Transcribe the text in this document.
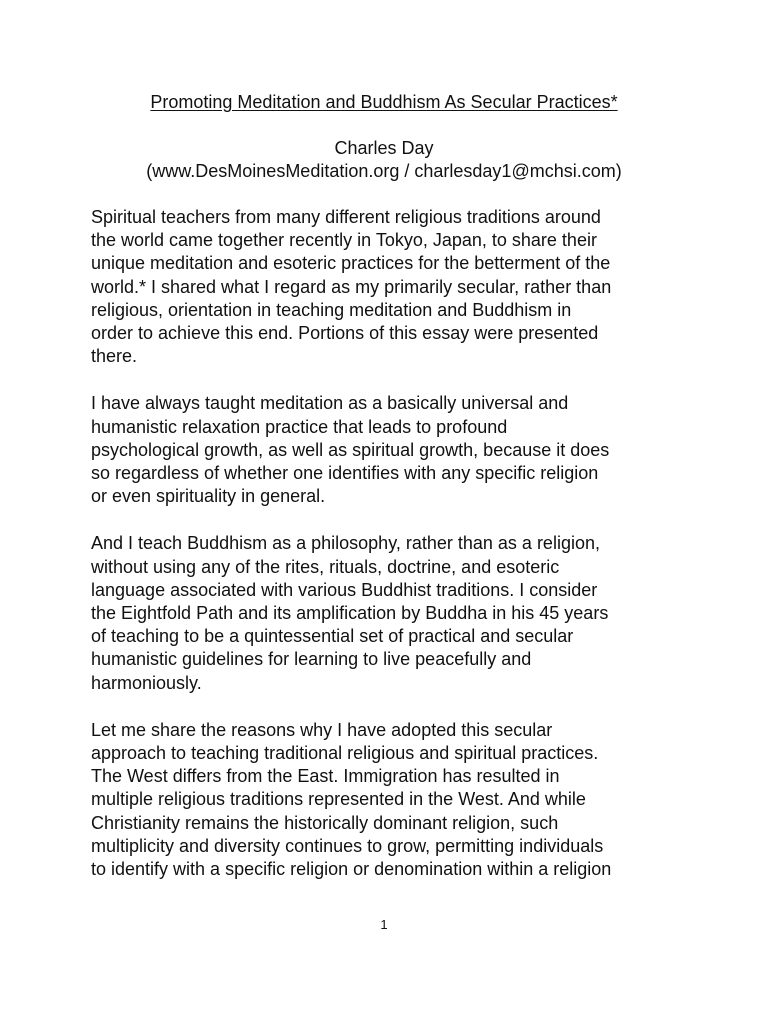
Promoting Meditation and Buddhism As Secular Practices*
Charles Day
(www.DesMoinesMeditation.org / charlesday1@mchsi.com)

Spiritual teachers from many different religious traditions around
the world came together recently in Tokyo, Japan, to share their
unique meditation and esoteric practices for the betterment of the
world.* I shared what I regard as my primarily secular, rather than
religious, orientation in teaching meditation and Buddhism in
order to achieve this end. Portions of this essay were presented
there.

I have always taught meditation as a basically universal and
humanistic relaxation practice that leads to profound
psychological growth, as well as spiritual growth, because it does
so regardless of whether one identifies with any specific religion
or even spirituality in general.

And I teach Buddhism as a philosophy, rather than as a religion,
without using any of the rites, rituals, doctrine, and esoteric
language associated with various Buddhist traditions. I consider
the Eightfold Path and its amplification by Buddha in his 45 years
of teaching to be a quintessential set of practical and secular
humanistic guidelines for learning to live peacefully and
harmoniously.

Let me share the reasons why I have adopted this secular
approach to teaching traditional religious and spiritual practices.
The West differs from the East. Immigration has resulted in
multiple religious traditions represented in the West. And while
Christianity remains the historically dominant religion, such
multiplicity and diversity continues to grow, permitting individuals
to identify with a specific religion or denomination within a religion

1
